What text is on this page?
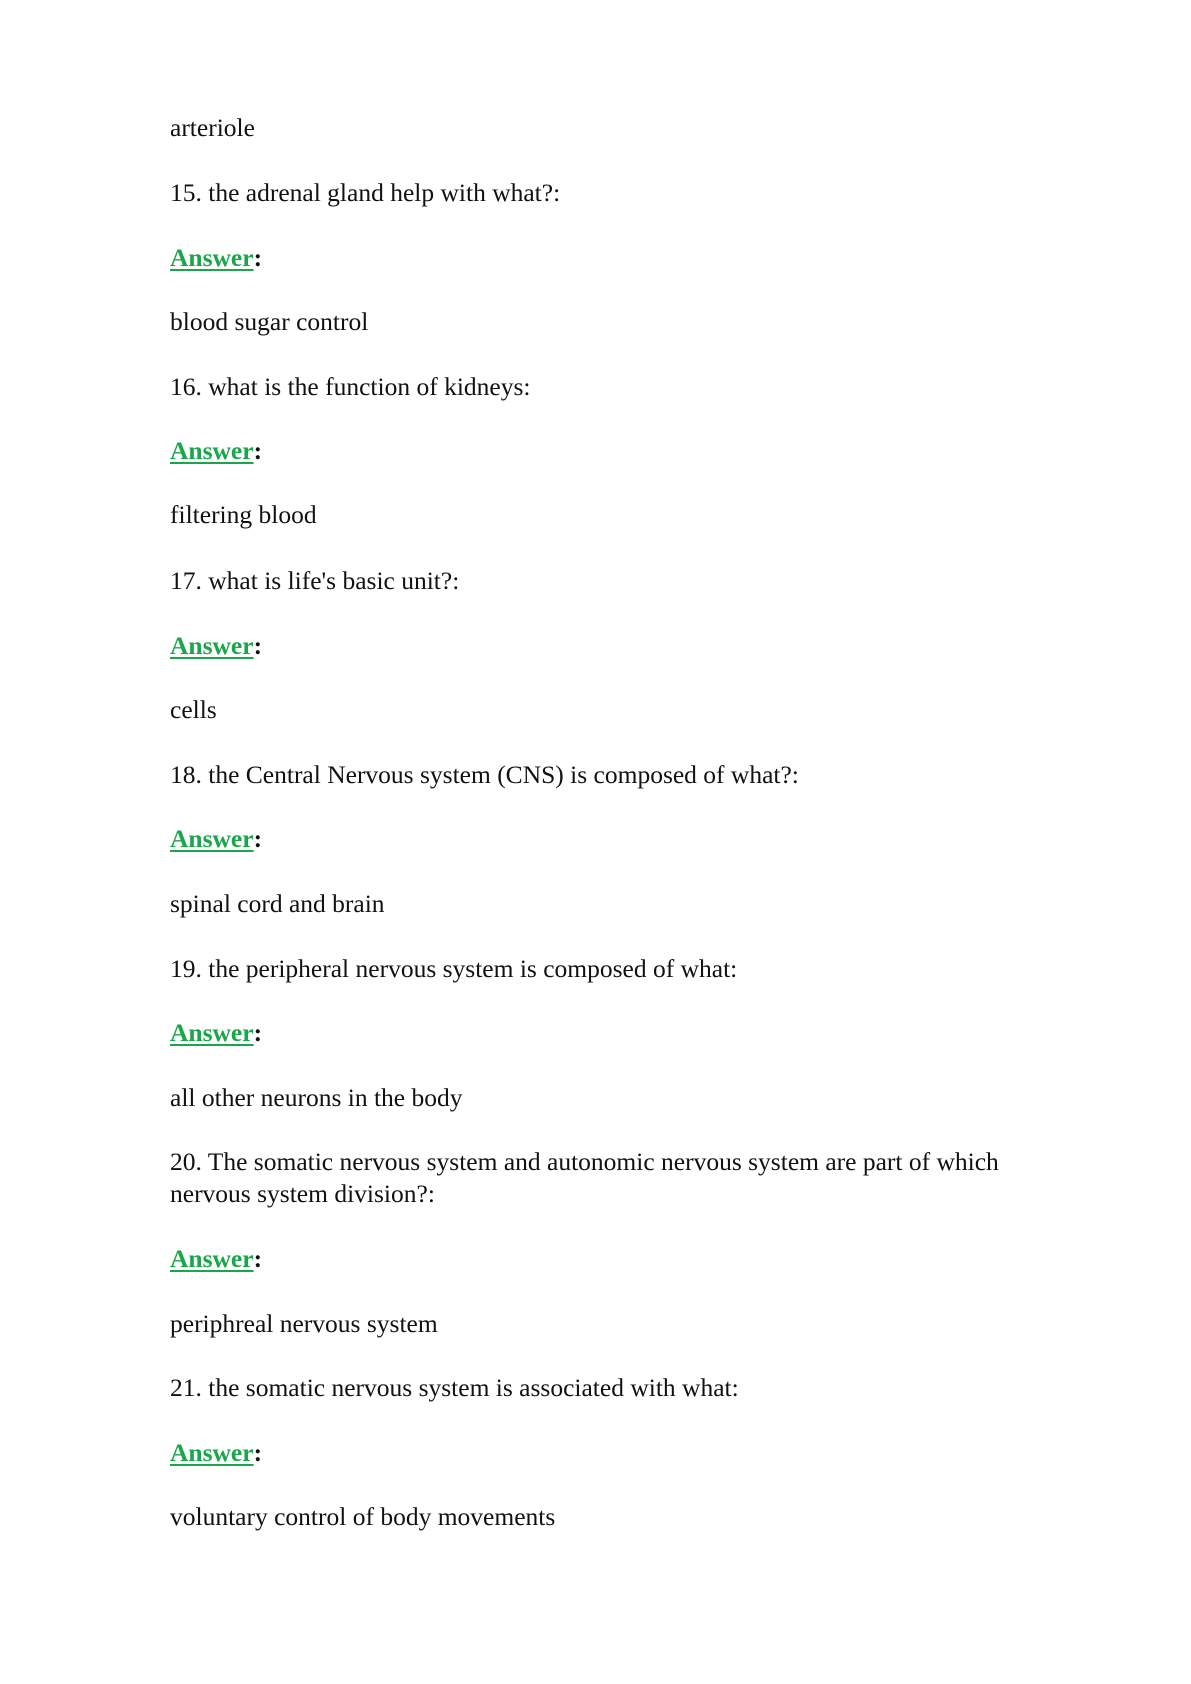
arteriole
15. the adrenal gland help with what?:
Answer:
blood sugar control
16. what is the function of kidneys:
Answer:
filtering blood
17. what is life's basic unit?:
Answer:
cells
18. the Central Nervous system (CNS) is composed of what?:
Answer:
spinal cord and brain
19. the peripheral nervous system is composed of what:
Answer:
all other neurons in the body
20. The somatic nervous system and autonomic nervous system are part of which nervous system division?:
Answer:
periphreal nervous system
21. the somatic nervous system is associated with what:
Answer:
voluntary control of body movements
